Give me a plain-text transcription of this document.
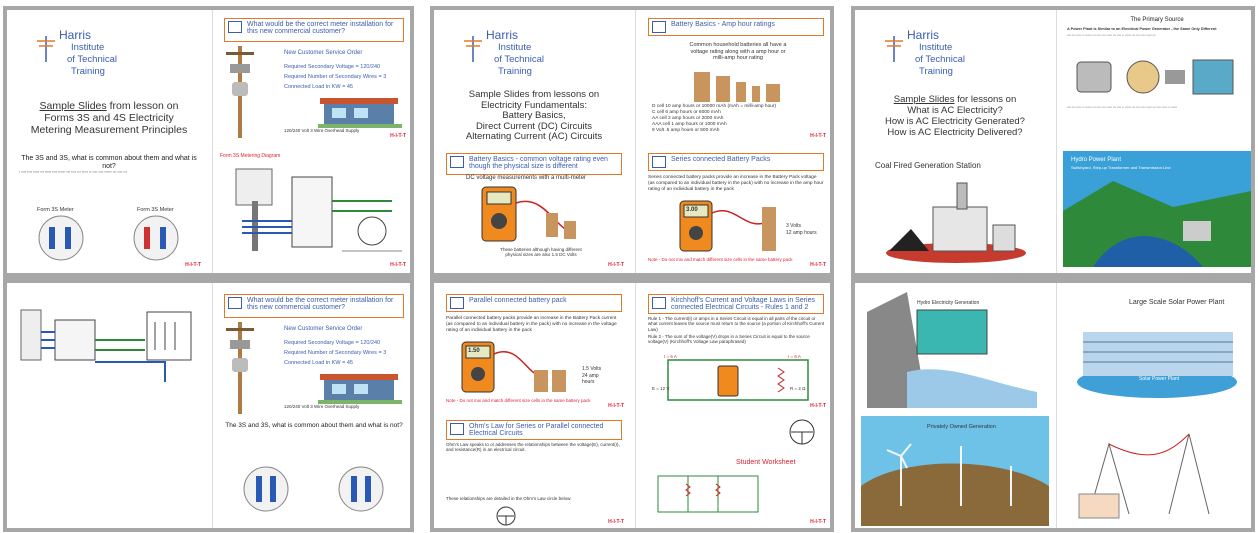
Harris
Institute
of Technical
Training
Sample Slides from lesson on
Forms 3S and 4S Electricity
Metering Measurement Principles
What would be the correct meter installation for this new commercial customer?
New Customer Service Order
Required Secondary Voltage = 120/240
Required Number of Secondary Wires = 3
Connected Load in KW = 45
120/240 Volt 3 Wire Overhead Supply
H-I-T-T
The 3S and 3S, what is common about them and what is not?
▪ ▪▪▪▪ ▪▪▪▪ ▪▪▪▪▪ ▪▪▪ ▪▪▪▪▪ ▪▪▪▪ ▪▪▪▪▪▪ ▪▪▪ ▪▪▪▪ ▪▪▪ ▪▪▪▪▪ ▪▪ ▪▪▪▪ ▪▪▪▪ ▪▪▪▪▪▪ ▪▪▪ ▪▪▪▪ ▪▪▪
Form 3S Meter	Form 3S Meter
H-I-T-T
Form 3S Metering Diagram
H-I-T-T
What would be the correct meter installation for this new commercial customer?
New Customer Service Order
Required Secondary Voltage = 120/240
Required Number of Secondary Wires = 3
Connected Load in KW = 45
120/240 Volt 3 Wire Overhead Supply
The 3S and 3S, what is common about them and what is not?
Harris
Institute
of Technical
Training
Sample Slides from lessons on
Electricity Fundamentals:
Battery Basics,
Direct Current (DC) Circuits
Alternating Current (AC) Circuits
Battery Basics - Amp hour ratings
Common household batteries all have a
voltage rating along with a amp hour or
milli-amp hour rating
D cell 10 amp hours or 10000 mAh (mAh = milli-amp hour)
C cell 6 amp hours or 6000 mAh
AA cell 2 amp hours or 2000 mAh
AAA cell 1 amp hours or 1000 mAh
9 Volt .5 amp hours or 500 mAh
H-I-T-T
Battery Basics - common voltage rating even though the physical size is different
DC voltage measurements with a multi-meter
These batteries although having different physical sizes are also 1.5 DC Volts
H-I-T-T
Series connected Battery Packs
Series connected battery packs provide an increase in the Battery Pack voltage (as compared to an individual battery in the pack) with no increase in the amp hour rating of an individual battery in the pack
3.00
3 Volts
12 amp hours
Note - Do not mix and match different size cells in the same battery pack
H-I-T-T
Parallel connected battery pack
Parallel connected battery packs provide an increase in the Battery Pack current (as compared to an individual battery in the pack) with no increase in the voltage rating of an individual battery in the pack
1.50
1.5 Volts
24 amp
hours
Note - Do not mix and match different size cells in the same battery pack
H-I-T-T
Kirchhoff's Current and Voltage Laws in Series connected Electrical Circuits - Rules 1 and 2
Rule 1 - The current(I) or amps in a Series Circuit is equal in all parts of the circuit or what current leaves the source must return to the source (a portion of Kirchhoff's Current Law)
Rule 2 - The sum of the voltage(V) drops in a Series Circuit is equal to the source voltage(V) (Kirchhoff's Voltage Law paraphrased)
I = 6 A	I = 6 A
E = 12 V	R = 2 Ω
H-I-T-T
Ohm's Law for Series or Parallel connected Electrical Circuits
Ohm's Law speaks to or addresses the relationships between the voltage(E), current(I), and resistance(R) in an electrical circuit.
These relationships are detailed in the Ohm's Law circle below:
H-I-T-T
Student Worksheet
H-I-T-T
Harris
Institute
of Technical
Training
Sample Slides for lessons on
What is AC Electricity?
How is AC Electricity Generated?
How is AC Electricity Delivered?
The Primary Source
A Power Plant is Similar to an Electrical Power Generator - the Same Only Different
▪▪▪▪ ▪▪▪ ▪▪▪▪▪ ▪▪ ▪▪▪▪▪▪ ▪▪▪ ▪▪▪▪ ▪▪▪▪ ▪▪▪▪▪ ▪▪▪ ▪▪▪▪ ▪▪ ▪▪▪▪▪▪ ▪▪▪ ▪▪▪▪ ▪▪▪▪ ▪▪▪▪▪ ▪▪▪
▪▪▪▪ ▪▪▪ ▪▪▪▪▪ ▪▪ ▪▪▪▪▪▪ ▪▪▪ ▪▪▪▪ ▪▪▪▪ ▪▪▪▪▪ ▪▪▪ ▪▪▪▪ ▪▪ ▪▪▪▪▪▪ ▪▪▪ ▪▪▪▪ ▪▪▪▪ ▪▪▪▪▪ ▪▪▪ ▪▪▪▪ ▪▪▪▪▪ ▪▪ ▪▪▪▪▪▪
Coal Fired Generation Station
Hydro Power Plant
Switchyard, Step-up Transformer and Transmission Line
Hydro Electricity Generation	Large Scale Solar Power Plant
Solar Power Plant
Privately Owned Generation
